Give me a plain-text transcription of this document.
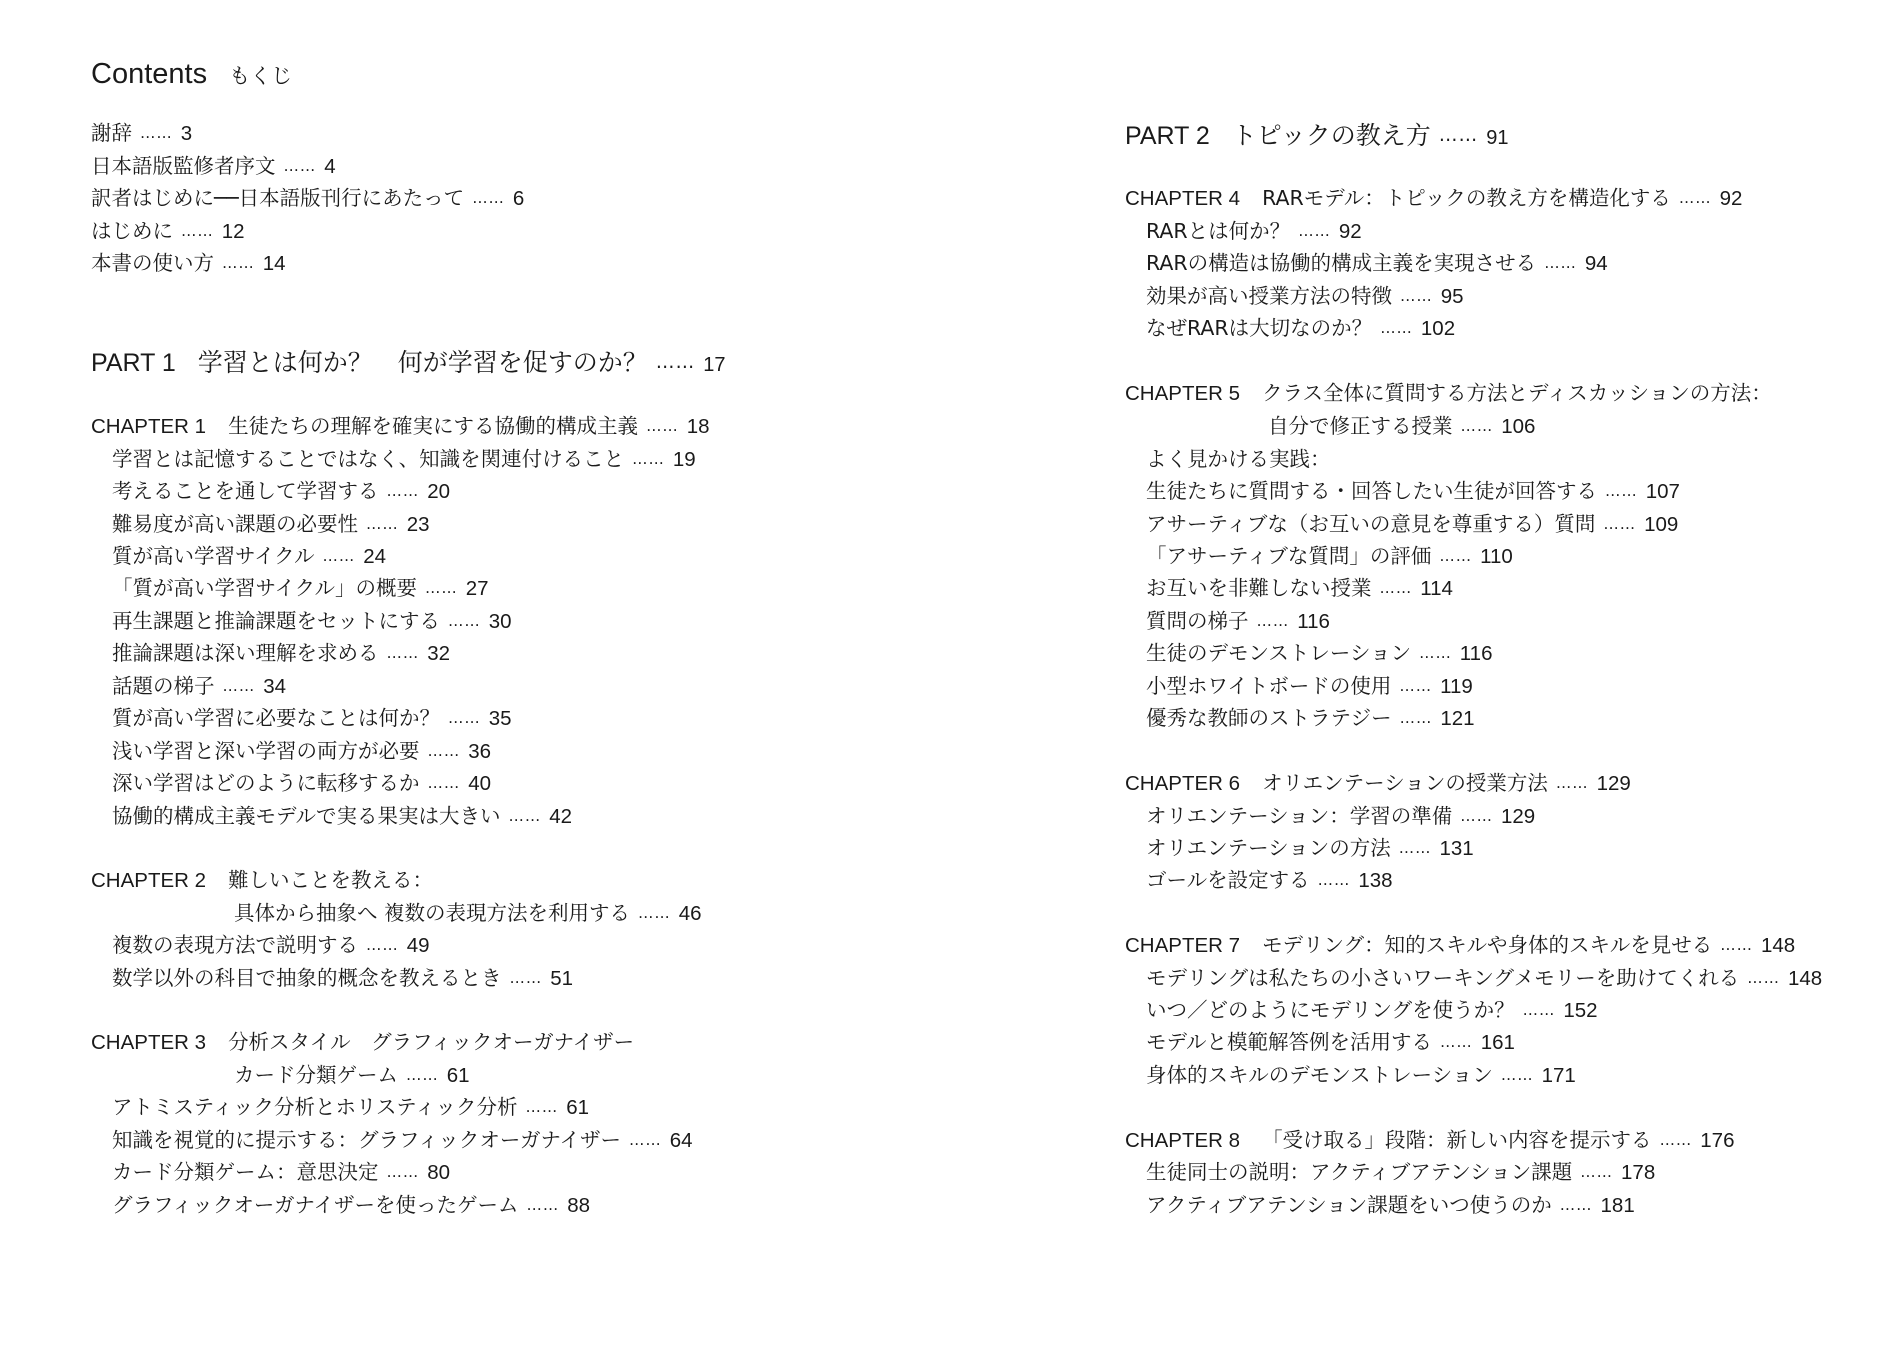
Contents もくじ
謝辞 …… 3
日本語版監修者序文 …… 4
訳者はじめに──日本語版刊行にあたって …… 6
はじめに …… 12
本書の使い方 …… 14
PART 1 学習とは何か？　何が学習を促すのか？ …… 17
CHAPTER 1 生徒たちの理解を確実にする協働的構成主義 …… 18
学習とは記憶することではなく、知識を関連付けること …… 19
考えることを通して学習する …… 20
難易度が高い課題の必要性 …… 23
質が高い学習サイクル …… 24
「質が高い学習サイクル」の概要 …… 27
再生課題と推論課題をセットにする …… 30
推論課題は深い理解を求める …… 32
話題の梯子 …… 34
質が高い学習に必要なことは何か？ …… 35
浅い学習と深い学習の両方が必要 …… 36
深い学習はどのように転移するか …… 40
協働的構成主義モデルで実る果実は大きい …… 42
CHAPTER 2 難しいことを教える：
具体から抽象へ 複数の表現方法を利用する …… 46
複数の表現方法で説明する …… 49
数学以外の科目で抽象的概念を教えるとき …… 51
CHAPTER 3 分析スタイル　グラフィックオーガナイザー
カード分類ゲーム …… 61
アトミスティック分析とホリスティック分析 …… 61
知識を視覚的に提示する：グラフィックオーガナイザー …… 64
カード分類ゲーム：意思決定 …… 80
グラフィックオーガナイザーを使ったゲーム …… 88
PART 2 トピックの教え方 …… 91
CHAPTER 4 RARモデル：トピックの教え方を構造化する …… 92
RARとは何か？ …… 92
RARの構造は協働的構成主義を実現させる …… 94
効果が高い授業方法の特徴 …… 95
なぜRARは大切なのか？ …… 102
CHAPTER 5 クラス全体に質問する方法とディスカッションの方法：
自分で修正する授業 …… 106
よく見かける実践：
生徒たちに質問する・回答したい生徒が回答する …… 107
アサーティブな（お互いの意見を尊重する）質問 …… 109
「アサーティブな質問」の評価 …… 110
お互いを非難しない授業 …… 114
質問の梯子 …… 116
生徒のデモンストレーション …… 116
小型ホワイトボードの使用 …… 119
優秀な教師のストラテジー …… 121
CHAPTER 6 オリエンテーションの授業方法 …… 129
オリエンテーション：学習の準備 …… 129
オリエンテーションの方法 …… 131
ゴールを設定する …… 138
CHAPTER 7 モデリング：知的スキルや身体的スキルを見せる …… 148
モデリングは私たちの小さいワーキングメモリーを助けてくれる …… 148
いつ／どのようにモデリングを使うか？ …… 152
モデルと模範解答例を活用する …… 161
身体的スキルのデモンストレーション …… 171
CHAPTER 8 「受け取る」段階：新しい内容を提示する …… 176
生徒同士の説明：アクティブアテンション課題 …… 178
アクティブアテンション課題をいつ使うのか …… 181
